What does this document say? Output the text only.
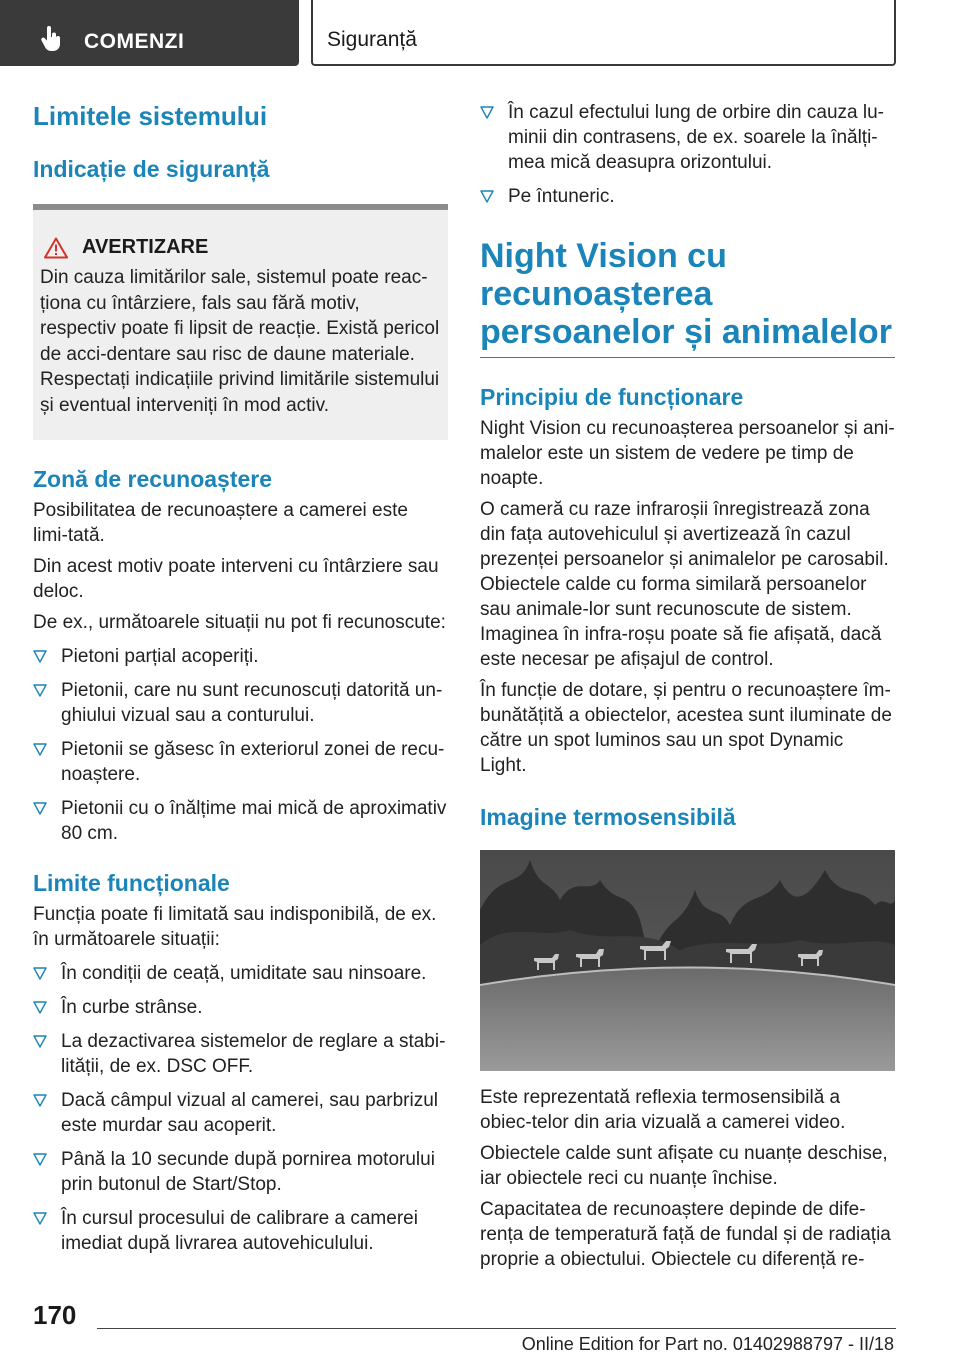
COMENZI	Siguranță
Limitele sistemului
Indicație de siguranță
AVERTIZARE

Din cauza limitărilor sale, sistemul poate reac-ționa cu întârziere, fals sau fără motiv, respectiv poate fi lipsit de reacție. Există pericol de acci-dentare sau risc de daune materiale. Respectați indicațiile privind limitările sistemului și eventual interveniți în mod activ.

Zonă de recunoaștere

Posibilitatea de recunoaștere a camerei este limi-tată.

Din acest motiv poate interveni cu întârziere sau deloc.

De ex., următoarele situații nu pot fi recunoscute:

Pietoni parțial acoperiți.
Pietonii, care nu sunt recunoscuți datorită un-ghiului vizual sau a conturului.
Pietonii se găsesc în exteriorul zonei de recu-noaștere.
Pietonii cu o înălțime mai mică de aproximativ 80 cm.
Limite funcționale

Funcția poate fi limitată sau indisponibilă, de ex. în următoarele situații:

În condiții de ceață, umiditate sau ninsoare.
În curbe strânse.
La dezactivarea sistemelor de reglare a stabi-lității, de ex. DSC OFF.
Dacă câmpul vizual al camerei, sau parbrizul este murdar sau acoperit.
Până la 10 secunde după pornirea motorului prin butonul de Start/Stop.
În cursul procesului de calibrare a camerei imediat după livrarea autovehiculului.
În cazul efectului lung de orbire din cauza lu-minii din contrasens, de ex. soarele la înălți-mea mică deasupra orizontului.
Pe întuneric.
Night Vision cu recunoașterea persoanelor și animalelor
Principiu de funcționare

Night Vision cu recunoașterea persoanelor și ani-malelor este un sistem de vedere pe timp de noapte.

O cameră cu raze infraroșii înregistrează zona din fața autovehiculul și avertizează în cazul prezenței persoanelor și animalelor pe carosabil. Obiectele calde cu forma similară persoanelor sau animale-lor sunt recunoscute de sistem. Imaginea în infra-roșu poate să fie afișată, dacă este necesar pe afișajul de control.

În funcție de dotare, și pentru o recunoaștere îm-bunătățită a obiectelor, acestea sunt iluminate de către un spot luminos sau un spot Dynamic Light.

Imagine termosensibilă

Este reprezentată reflexia termosensibilă a obiec-telor din aria vizuală a camerei video.

Obiectele calde sunt afișate cu nuanțe deschise, iar obiectele reci cu nuanțe închise.

Capacitatea de recunoaștere depinde de dife-rența de temperatură față de fundal și de radiația proprie a obiectului. Obiectele cu diferență re-

170
Online Edition for Part no. 01402988797 - II/18
